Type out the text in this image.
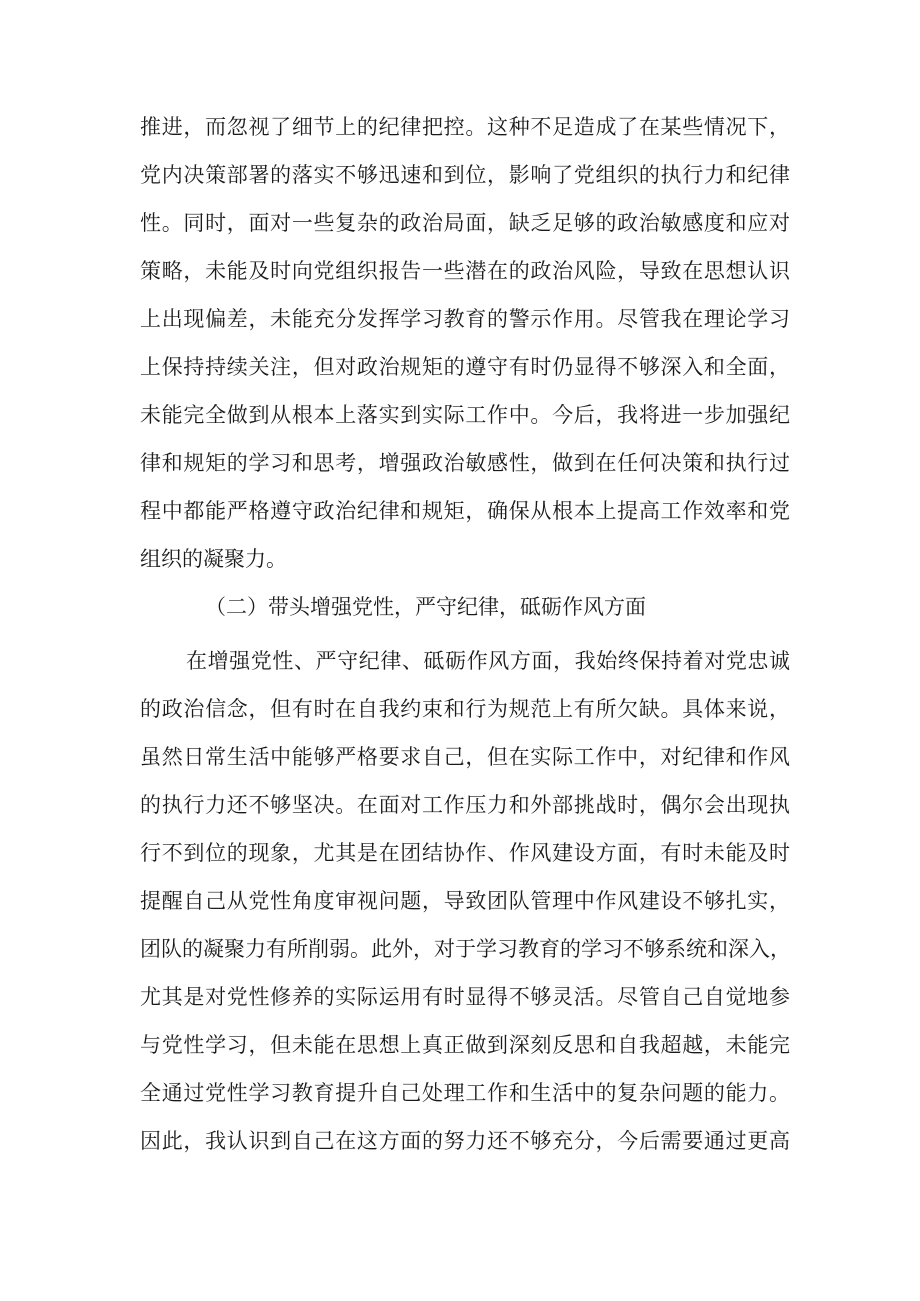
推进，而忽视了细节上的纪律把控。这种不足造成了在某些情况下，
党内决策部署的落实不够迅速和到位，影响了党组织的执行力和纪律
性。同时，面对一些复杂的政治局面，缺乏足够的政治敏感度和应对
策略，未能及时向党组织报告一些潜在的政治风险，导致在思想认识
上出现偏差，未能充分发挥学习教育的警示作用。尽管我在理论学习
上保持持续关注，但对政治规矩的遵守有时仍显得不够深入和全面，
未能完全做到从根本上落实到实际工作中。今后，我将进一步加强纪
律和规矩的学习和思考，增强政治敏感性，做到在任何决策和执行过
程中都能严格遵守政治纪律和规矩，确保从根本上提高工作效率和党
组织的凝聚力。
（二）带头增强党性，严守纪律，砥砺作风方面
在增强党性、严守纪律、砥砺作风方面，我始终保持着对党忠诚
的政治信念，但有时在自我约束和行为规范上有所欠缺。具体来说，
虽然日常生活中能够严格要求自己，但在实际工作中，对纪律和作风
的执行力还不够坚决。在面对工作压力和外部挑战时，偶尔会出现执
行不到位的现象，尤其是在团结协作、作风建设方面，有时未能及时
提醒自己从党性角度审视问题，导致团队管理中作风建设不够扎实，
团队的凝聚力有所削弱。此外，对于学习教育的学习不够系统和深入，
尤其是对党性修养的实际运用有时显得不够灵活。尽管自己自觉地参
与党性学习，但未能在思想上真正做到深刻反思和自我超越，未能完
全通过党性学习教育提升自己处理工作和生活中的复杂问题的能力。
因此，我认识到自己在这方面的努力还不够充分，今后需要通过更高
